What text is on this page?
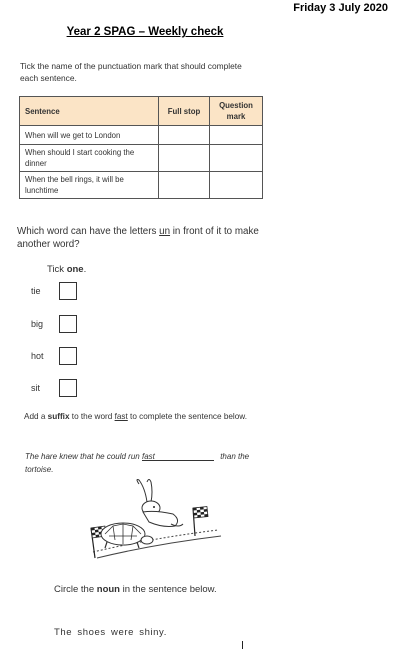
Friday 3 July 2020
Year 2 SPAG – Weekly check
Tick the name of the punctuation mark that should complete each sentence.
Sentence	Full stop	Question mark
When will we get to London		
When should I start cooking the dinner		
When the bell rings, it will be lunchtime		
Which word can have the letters un in front of it to make another word?
Tick one.
tie
big
hot
sit
Add a suffix to the word fast to complete the sentence below.
The hare knew that he could run fast	than the tortoise.
Circle the noun in the sentence below.
The shoes were shiny.
